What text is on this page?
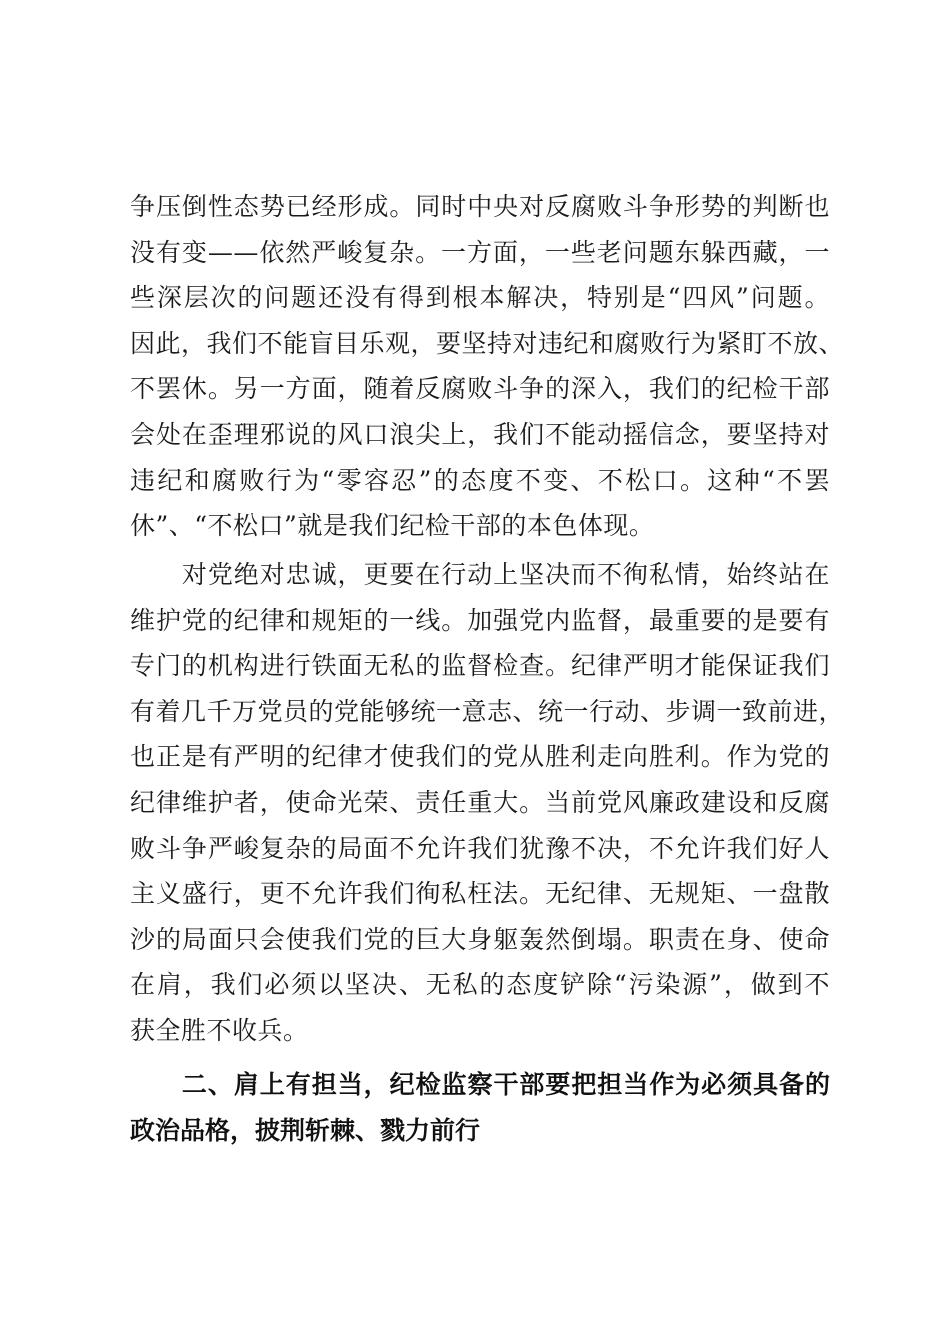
争压倒性态势已经形成。同时中央对反腐败斗争形势的判断也
没有变——依然严峻复杂。一方面，一些老问题东躲西藏，一
些深层次的问题还没有得到根本解决，特别是“四风”问题。
因此，我们不能盲目乐观，要坚持对违纪和腐败行为紧盯不放、
不罢休。另一方面，随着反腐败斗争的深入，我们的纪检干部
会处在歪理邪说的风口浪尖上，我们不能动摇信念，要坚持对
违纪和腐败行为“零容忍”的态度不变、不松口。这种“不罢
休”、“不松口”就是我们纪检干部的本色体现。
　　对党绝对忠诚，更要在行动上坚决而不徇私情，始终站在
维护党的纪律和规矩的一线。加强党内监督，最重要的是要有
专门的机构进行铁面无私的监督检查。纪律严明才能保证我们
有着几千万党员的党能够统一意志、统一行动、步调一致前进，
也正是有严明的纪律才使我们的党从胜利走向胜利。作为党的
纪律维护者，使命光荣、责任重大。当前党风廉政建设和反腐
败斗争严峻复杂的局面不允许我们犹豫不决，不允许我们好人
主义盛行，更不允许我们徇私枉法。无纪律、无规矩、一盘散
沙的局面只会使我们党的巨大身躯轰然倒塌。职责在身、使命
在肩，我们必须以坚决、无私的态度铲除“污染源”，做到不
获全胜不收兵。
　　二、肩上有担当，纪检监察干部要把担当作为必须具备的
政治品格，披荆斩棘、戮力前行
